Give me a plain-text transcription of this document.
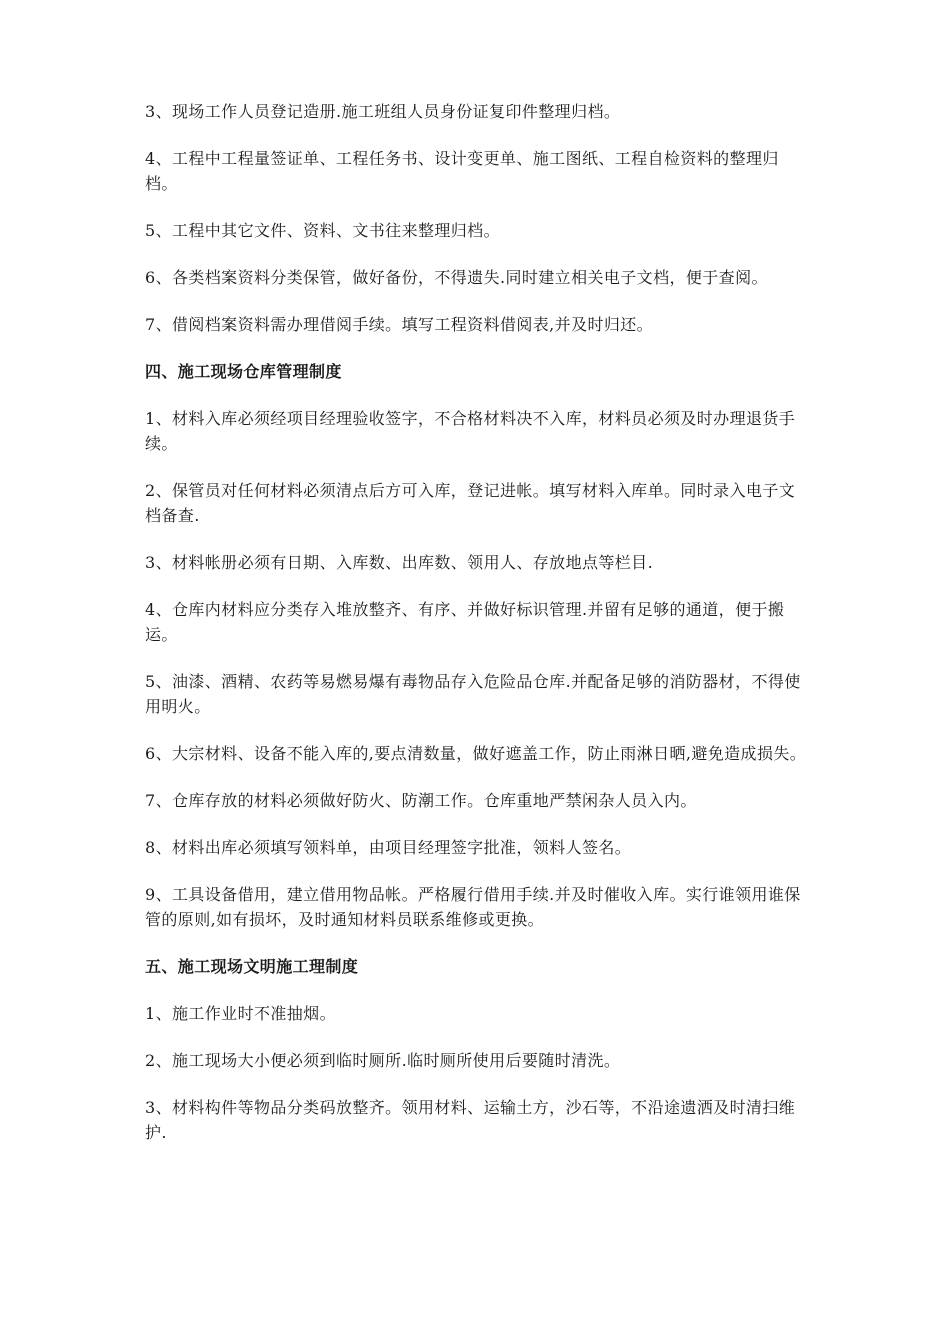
3、现场工作人员登记造册.施工班组人员身份证复印件整理归档。

4、工程中工程量签证单、工程任务书、设计变更单、施工图纸、工程自检资料的整理归档。

5、工程中其它文件、资料、文书往来整理归档。

6、各类档案资料分类保管，做好备份，不得遗失.同时建立相关电子文档，便于查阅。

7、借阅档案资料需办理借阅手续。填写工程资料借阅表,并及时归还。

四、施工现场仓库管理制度

1、材料入库必须经项目经理验收签字，不合格材料决不入库，材料员必须及时办理退货手续。

2、保管员对任何材料必须清点后方可入库，登记进帐。填写材料入库单。同时录入电子文档备查.

3、材料帐册必须有日期、入库数、出库数、领用人、存放地点等栏目.

4、仓库内材料应分类存入堆放整齐、有序、并做好标识管理.并留有足够的通道，便于搬运。

5、油漆、酒精、农药等易燃易爆有毒物品存入危险品仓库.并配备足够的消防器材，不得使用明火。

6、大宗材料、设备不能入库的,要点清数量，做好遮盖工作，防止雨淋日晒,避免造成损失。

7、仓库存放的材料必须做好防火、防潮工作。仓库重地严禁闲杂人员入内。

8、材料出库必须填写领料单，由项目经理签字批准，领料人签名。

9、工具设备借用，建立借用物品帐。严格履行借用手续.并及时催收入库。实行谁领用谁保管的原则,如有损坏，及时通知材料员联系维修或更换。

五、施工现场文明施工理制度

1、施工作业时不准抽烟。

2、施工现场大小便必须到临时厕所.临时厕所使用后要随时清洗。

3、材料构件等物品分类码放整齐。领用材料、运输土方，沙石等，不沿途遗洒及时清扫维护.
